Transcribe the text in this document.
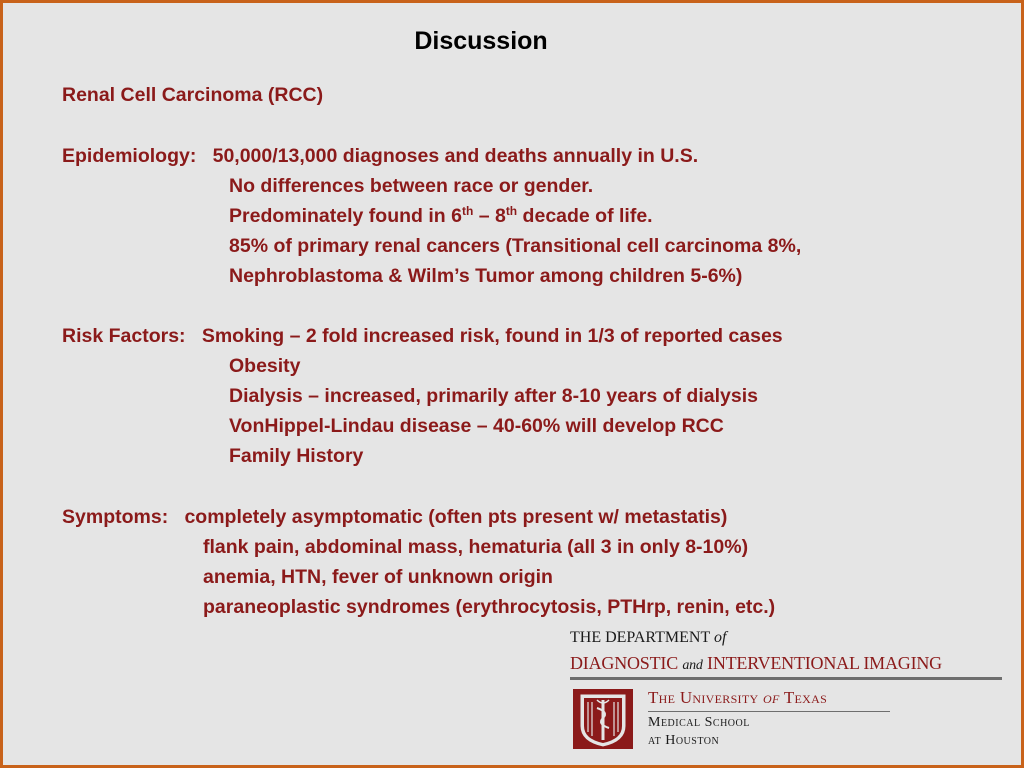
Discussion
Renal Cell Carcinoma (RCC)
Epidemiology: 50,000/13,000 diagnoses and deaths annually in U.S.
No differences between race or gender.
Predominately found in 6th – 8th decade of life.
85% of primary renal cancers (Transitional cell carcinoma 8%,
Nephroblastoma & Wilm’s Tumor among children 5-6%)
Risk Factors: Smoking – 2 fold increased risk, found in 1/3 of reported cases
Obesity
Dialysis – increased, primarily after 8-10 years of dialysis
VonHippel-Lindau disease – 40-60% will develop RCC
Family History
Symptoms: completely asymptomatic (often pts present w/ metastatis)
flank pain, abdominal mass, hematuria (all 3 in only 8-10%)
anemia, HTN, fever of unknown origin
paraneoplastic syndromes (erythrocytosis, PTHrp, renin, etc.)
THE DEPARTMENT of
DIAGNOSTIC and INTERVENTIONAL IMAGING
The University of Texas
Medical School
at Houston
